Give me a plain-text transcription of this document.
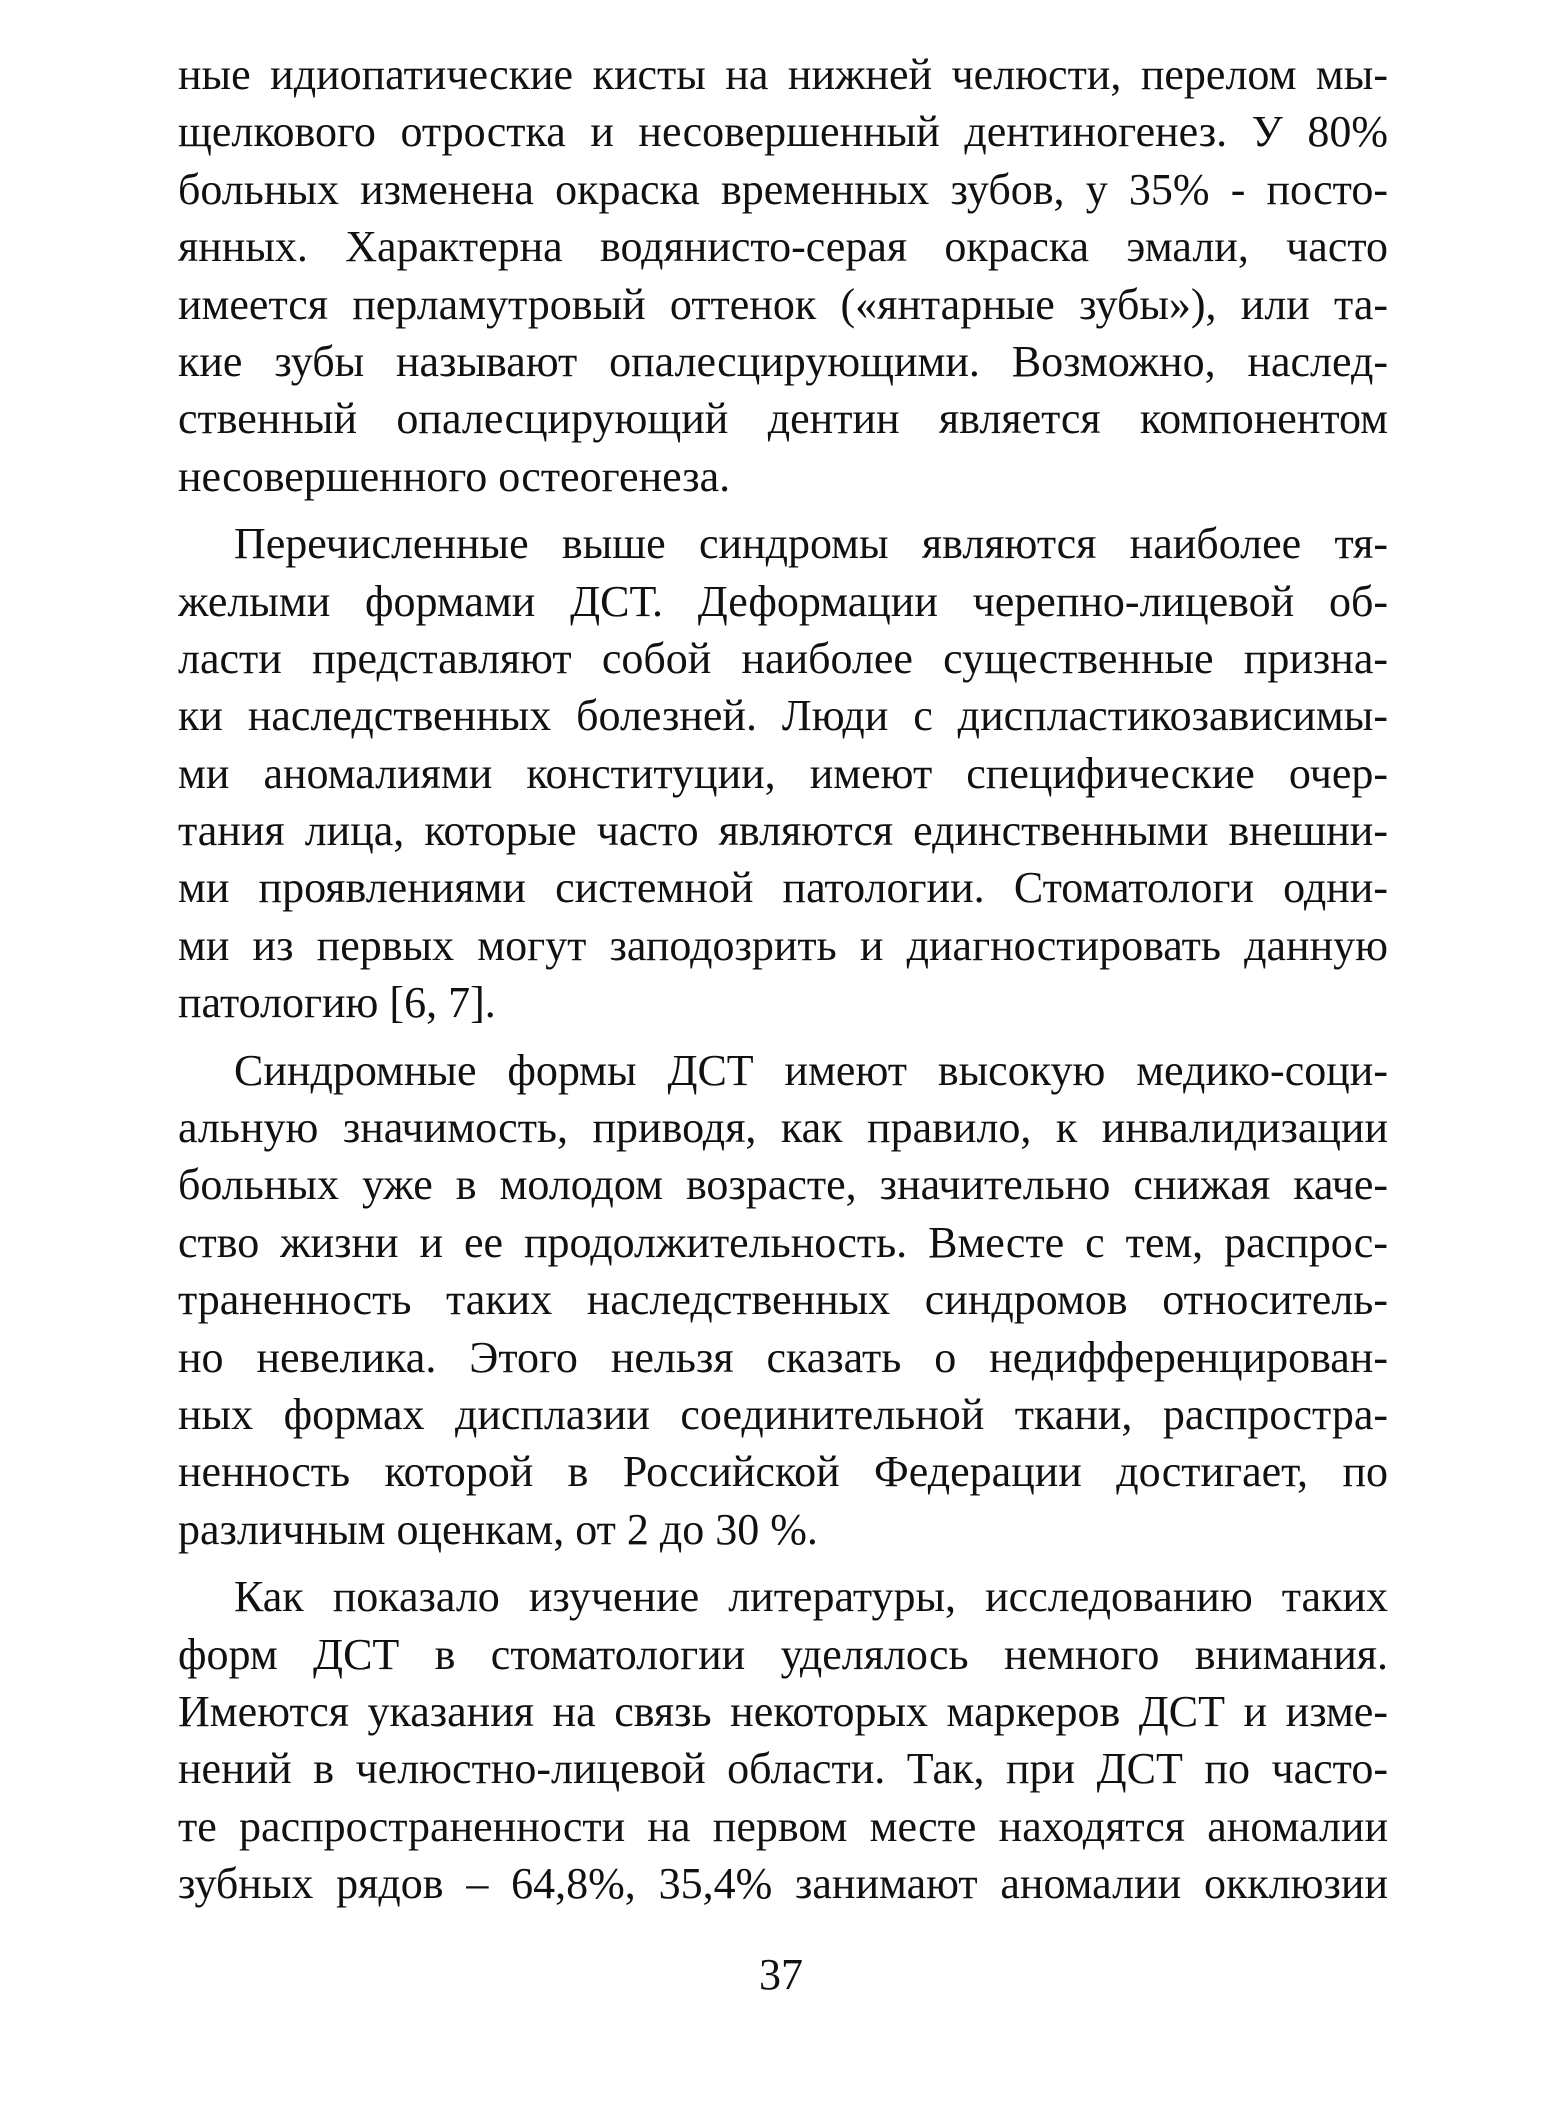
ные идиопатические кисты на нижней челюсти, перелом мы-
щелкового отростка и несовершенный дентиногенез. У 80%
больных изменена окраска временных зубов, у 35% - посто-
янных. Характерна водянисто-серая окраска эмали, часто
имеется перламутровый оттенок («янтарные зубы»), или та-
кие зубы называют опалесцирующими. Возможно, наслед-
ственный опалесцирующий дентин является компонентом
несовершенного остеогенеза.
Перечисленные выше синдромы являются наиболее тя-
желыми формами ДСТ. Деформации черепно-лицевой об-
ласти представляют собой наиболее существенные призна-
ки наследственных болезней. Люди с диспластикозависимы-
ми аномалиями конституции, имеют специфические очер-
тания лица, которые часто являются единственными внешни-
ми проявлениями системной патологии. Стоматологи одни-
ми из первых могут заподозрить и диагностировать данную
патологию [6, 7].
Синдромные формы ДСТ имеют высокую медико-соци-
альную значимость, приводя, как правило, к инвалидизации
больных уже в молодом возрасте, значительно снижая каче-
ство жизни и ее продолжительность. Вместе с тем, распрос-
траненность таких наследственных синдромов относитель-
но невелика. Этого нельзя сказать о недифференцирован-
ных формах дисплазии соединительной ткани, распростра-
ненность которой в Российской Федерации достигает, по
различным оценкам, от 2 до 30 %.
Как показало изучение литературы, исследованию таких
форм ДСТ в стоматологии уделялось немного внимания.
Имеются указания на связь некоторых маркеров ДСТ и изме-
нений в челюстно-лицевой области. Так, при ДСТ по часто-
те распространенности на первом месте находятся аномалии
зубных рядов – 64,8%, 35,4% занимают аномалии окклюзии
37
